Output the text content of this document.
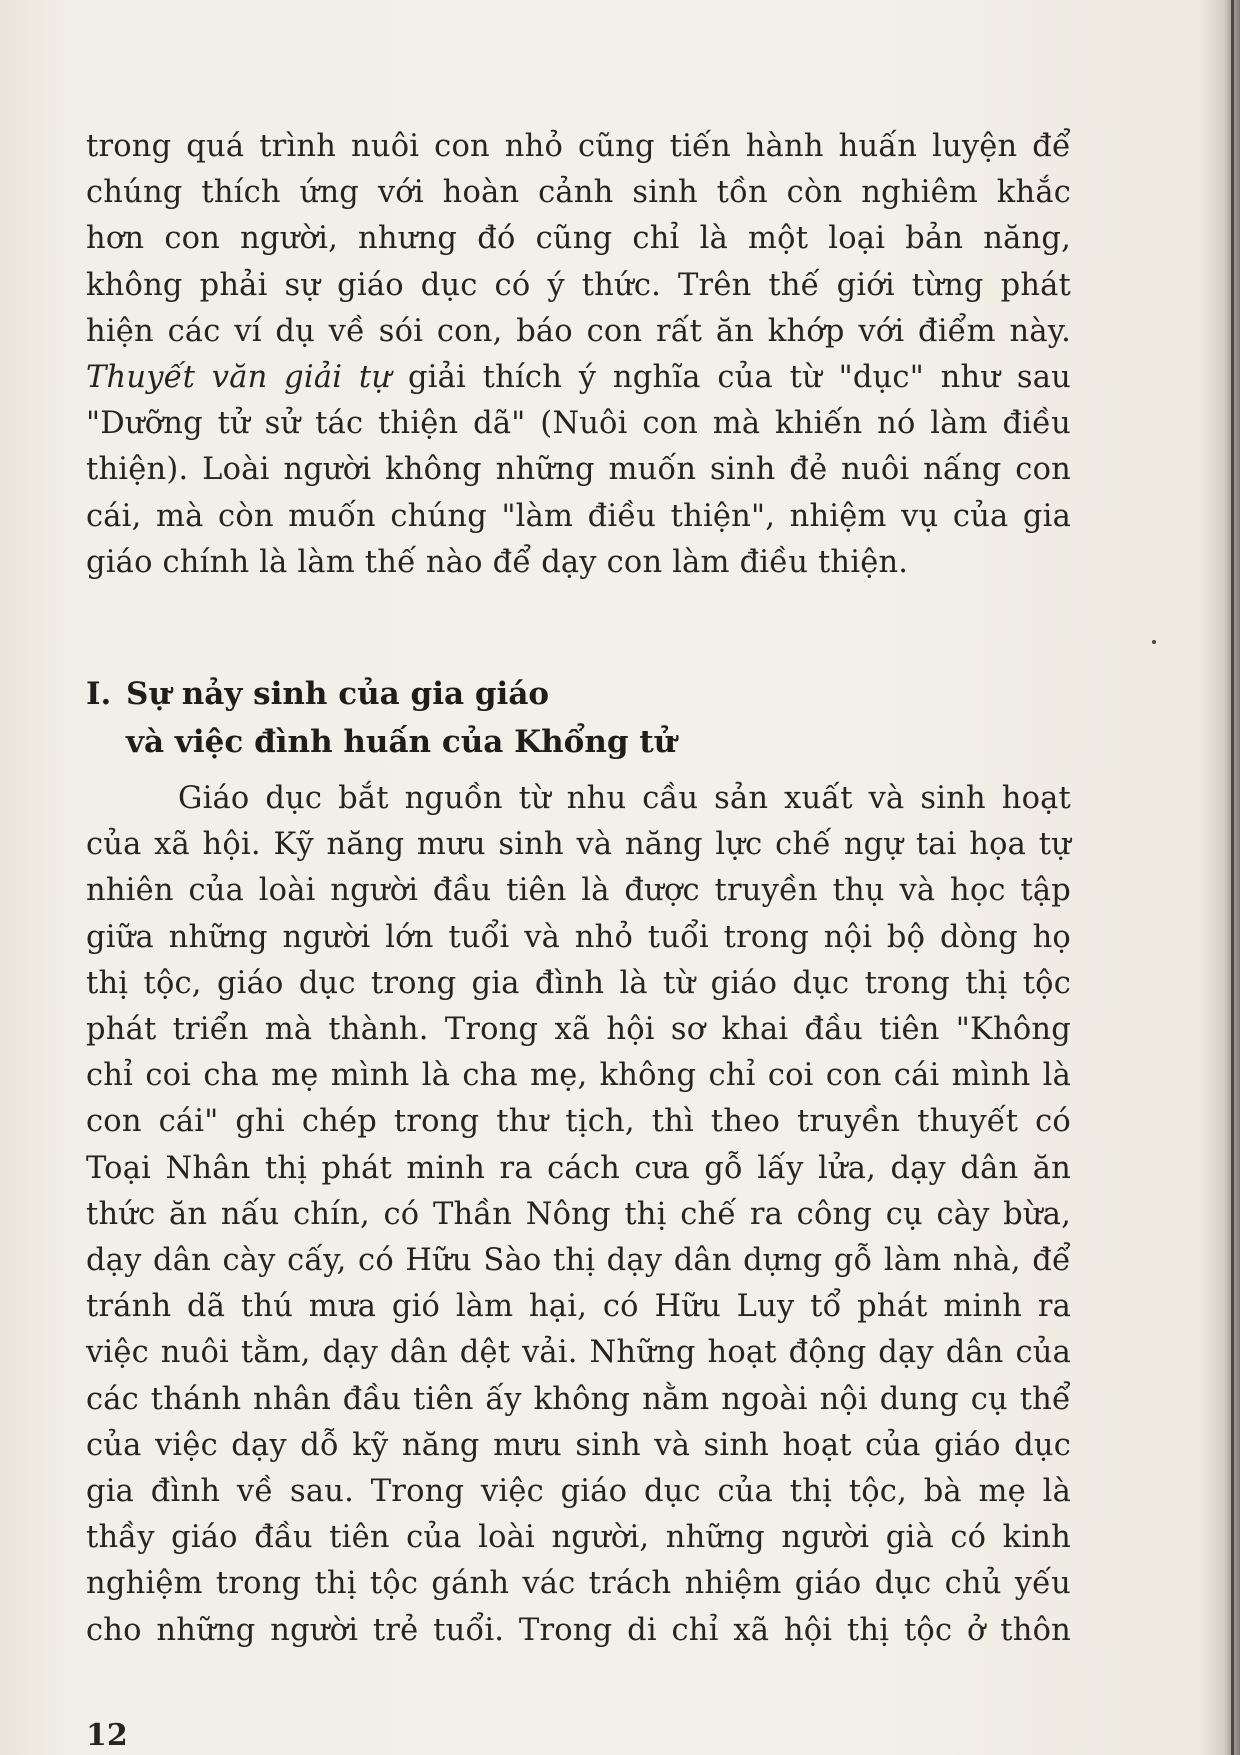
trong quá trình nuôi con nhỏ cũng tiến hành huấn luyện để
chúng thích ứng với hoàn cảnh sinh tồn còn nghiêm khắc
hơn con người, nhưng đó cũng chỉ là một loại bản năng,
không phải sự giáo dục có ý thức. Trên thế giới từng phát
hiện các ví dụ về sói con, báo con rất ăn khớp với điểm này.
Thuyết văn giải tự giải thích ý nghĩa của từ "dục" như sau
"Dưỡng tử sử tác thiện dã" (Nuôi con mà khiến nó làm điều
thiện). Loài người không những muốn sinh đẻ nuôi nấng con
cái, mà còn muốn chúng "làm điều thiện", nhiệm vụ của gia
giáo chính là làm thế nào để dạy con làm điều thiện.
I. Sự nảy sinh của gia giáo
và việc đình huấn của Khổng tử
Giáo dục bắt nguồn từ nhu cầu sản xuất và sinh hoạt
của xã hội. Kỹ năng mưu sinh và năng lực chế ngự tai họa tự
nhiên của loài người đầu tiên là được truyền thụ và học tập
giữa những người lớn tuổi và nhỏ tuổi trong nội bộ dòng họ
thị tộc, giáo dục trong gia đình là từ giáo dục trong thị tộc
phát triển mà thành. Trong xã hội sơ khai đầu tiên "Không
chỉ coi cha mẹ mình là cha mẹ, không chỉ coi con cái mình là
con cái" ghi chép trong thư tịch, thì theo truyền thuyết có
Toại Nhân thị phát minh ra cách cưa gỗ lấy lửa, dạy dân ăn
thức ăn nấu chín, có Thần Nông thị chế ra công cụ cày bừa,
dạy dân cày cấy, có Hữu Sào thị dạy dân dựng gỗ làm nhà, để
tránh dã thú mưa gió làm hại, có Hữu Luy tổ phát minh ra
việc nuôi tằm, dạy dân dệt vải. Những hoạt động dạy dân của
các thánh nhân đầu tiên ấy không nằm ngoài nội dung cụ thể
của việc dạy dỗ kỹ năng mưu sinh và sinh hoạt của giáo dục
gia đình về sau. Trong việc giáo dục của thị tộc, bà mẹ là
thầy giáo đầu tiên của loài người, những người già có kinh
nghiệm trong thị tộc gánh vác trách nhiệm giáo dục chủ yếu
cho những người trẻ tuổi. Trong di chỉ xã hội thị tộc ở thôn
12
